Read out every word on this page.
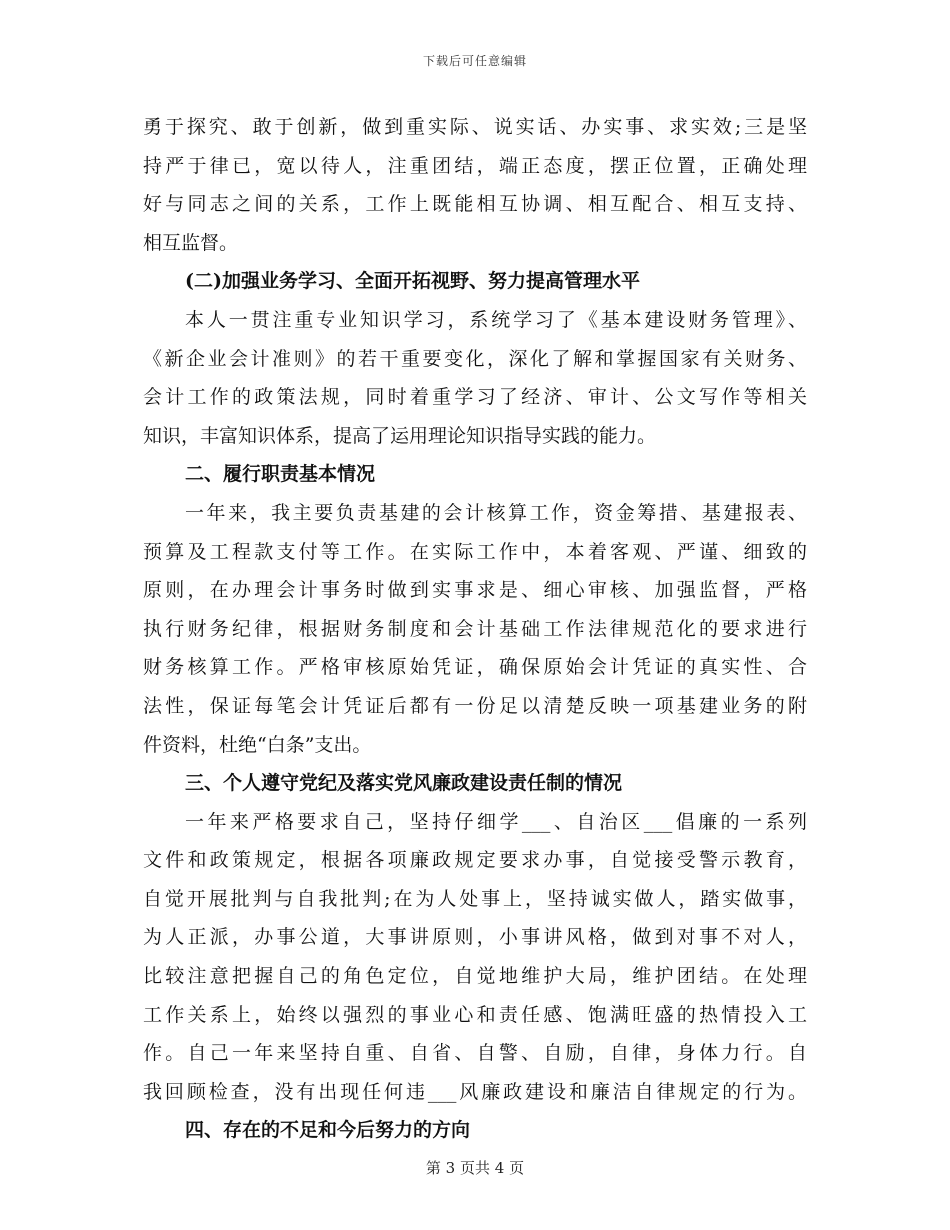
下载后可任意编辑
勇于探究、敢于创新，做到重实际、说实话、办实事、求实效;三是坚
持严于律已，宽以待人，注重团结，端正态度，摆正位置，正确处理
好与同志之间的关系，工作上既能相互协调、相互配合、相互支持、
相互监督。
(二)加强业务学习、全面开拓视野、努力提高管理水平
本人一贯注重专业知识学习，系统学习了《基本建设财务管理》、
《新企业会计准则》的若干重要变化，深化了解和掌握国家有关财务、
会计工作的政策法规，同时着重学习了经济、审计、公文写作等相关
知识，丰富知识体系，提高了运用理论知识指导实践的能力。
二、履行职责基本情况
一年来，我主要负责基建的会计核算工作，资金筹措、基建报表、
预算及工程款支付等工作。在实际工作中，本着客观、严谨、细致的
原则，在办理会计事务时做到实事求是、细心审核、加强监督，严格
执行财务纪律，根据财务制度和会计基础工作法律规范化的要求进行
财务核算工作。严格审核原始凭证，确保原始会计凭证的真实性、合
法性，保证每笔会计凭证后都有一份足以清楚反映一项基建业务的附
件资料，杜绝“白条”支出。
三、个人遵守党纪及落实党风廉政建设责任制的情况
一年来严格要求自己，坚持仔细学___、自治区___倡廉的一系列
文件和政策规定，根据各项廉政规定要求办事，自觉接受警示教育，
自觉开展批判与自我批判;在为人处事上，坚持诚实做人，踏实做事，
为人正派，办事公道，大事讲原则，小事讲风格，做到对事不对人，
比较注意把握自己的角色定位，自觉地维护大局，维护团结。在处理
工作关系上，始终以强烈的事业心和责任感、饱满旺盛的热情投入工
作。自己一年来坚持自重、自省、自警、自励，自律，身体力行。自
我回顾检查，没有出现任何违___风廉政建设和廉洁自律规定的行为。
四、存在的不足和今后努力的方向
第 3 页共 4 页
